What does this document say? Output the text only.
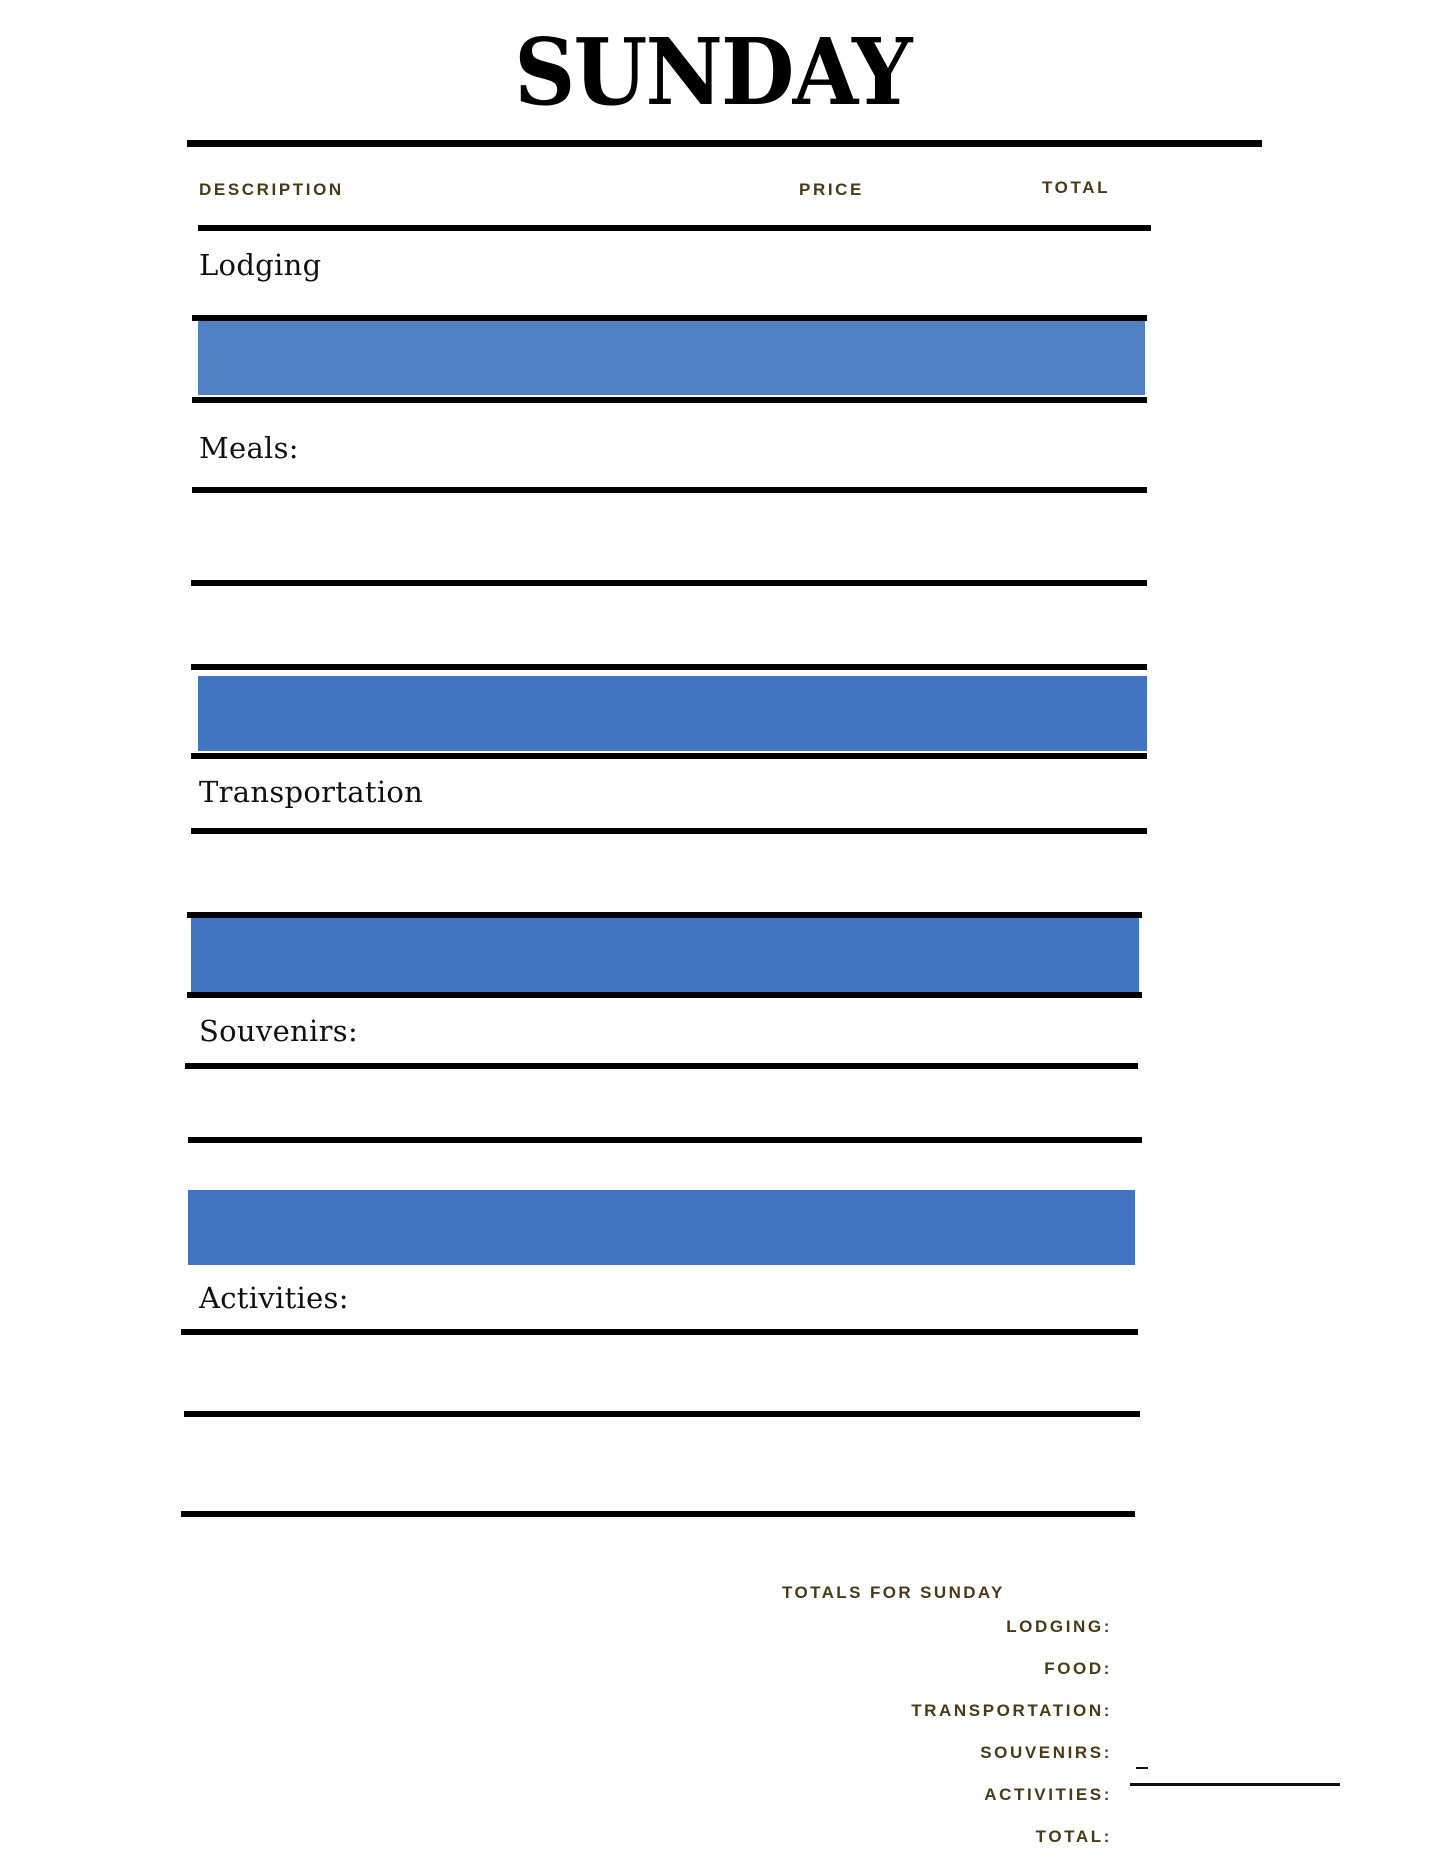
SUNDAY
DESCRIPTION	PRICE	TOTAL
Lodging
Meals:
Transportation
Souvenirs:
Activities:
TOTALS FOR SUNDAY
LODGING:
FOOD:
TRANSPORTATION:
SOUVENIRS:
ACTIVITIES:
TOTAL:
